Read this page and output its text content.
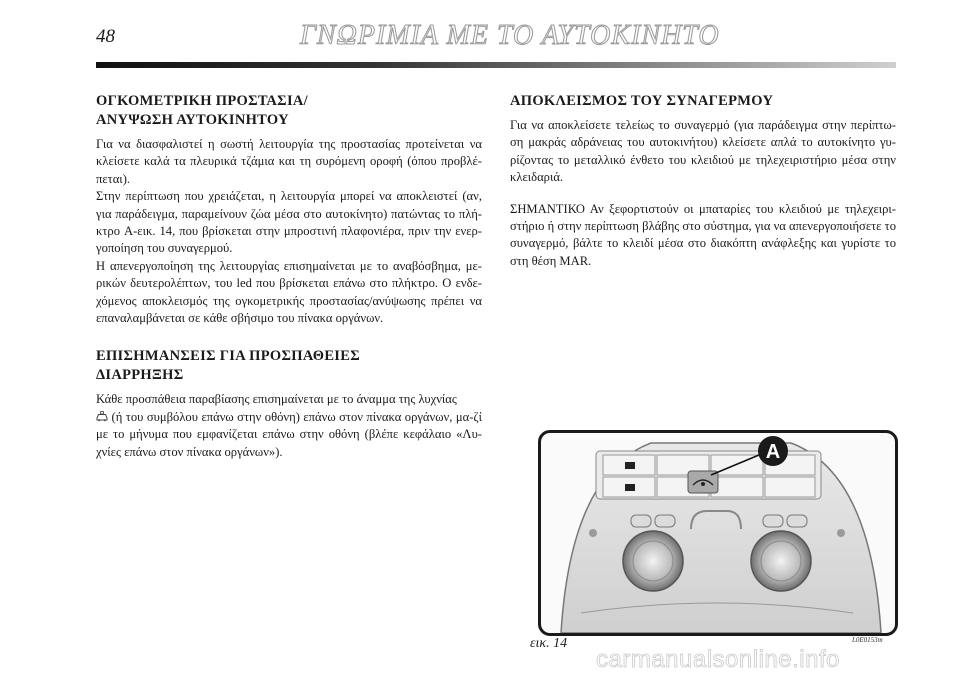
48	ΓΝΩΡΙΜΙΑ ΜΕ ΤΟ ΑΥΤΟΚΙΝΗΤΟ
ΟΓΚΟΜΕΤΡΙΚΗ ΠΡΟΣΤΑΣΙΑ/
ΑΝΥΨΩΣΗ ΑΥΤΟΚΙΝΗΤΟΥ

Για να διασφαλιστεί η σωστή λειτουργία της προστασίας προτείνεται να κλείσετε καλά τα πλευρικά τζάμια και τη συρόμενη οροφή (όπου προβλέ-πεται).

Στην περίπτωση που χρειάζεται, η λειτουργία μπορεί να αποκλειστεί (αν, για παράδειγμα, παραμείνουν ζώα μέσα στο αυτοκίνητο) πατώντας το πλή-κτρο A-εικ. 14, που βρίσκεται στην μπροστινή πλαφονιέρα, πριν την ενερ-γοποίηση του συναγερμού.

Η απενεργοποίηση της λειτουργίας επισημαίνεται με το αναβόσβημα, με-ρικών δευτερολέπτων, του led που βρίσκεται επάνω στο πλήκτρο. Ο ενδε-χόμενος αποκλεισμός της ογκομετρικής προστασίας/ανύψωσης πρέπει να επαναλαμβάνεται σε κάθε σβήσιμο του πίνακα οργάνων.

ΕΠΙΣΗΜΑΝΣΕΙΣ ΓΙΑ ΠΡΟΣΠΑΘΕΙΕΣ
ΔΙΑΡΡΗΞΗΣ

Κάθε προσπάθεια παραβίασης επισημαίνεται με το άναμμα της λυχνίας
(ή του συμβόλου επάνω στην οθόνη) επάνω στον πίνακα οργάνων, μα-ζί με το μήνυμα που εμφανίζεται επάνω στην οθόνη (βλέπε κεφάλαιο «Λυ-χνίες επάνω στον πίνακα οργάνων»).

ΑΠΟΚΛΕΙΣΜΟΣ ΤΟΥ ΣΥΝΑΓΕΡΜΟΥ

Για να αποκλείσετε τελείως το συναγερμό (για παράδειγμα στην περίπτω-ση μακράς αδράνειας του αυτοκινήτου) κλείσετε απλά το αυτοκίνητο γυ-ρίζοντας το μεταλλικό ένθετο του κλειδιού με τηλεχειριστήριο μέσα στην κλειδαριά.

ΣΗΜΑΝΤΙΚΟ Αν ξεφορτιστούν οι μπαταρίες του κλειδιού με τηλεχειρι-στήριο ή στην περίπτωση βλάβης στο σύστημα, για να απενεργοποιήσετε το συναγερμό, βάλτε το κλειδί μέσα στο διακόπτη ανάφλεξης και γυρίστε το στη θέση MAR.

A
εικ. 14	L0E0153m
carmanualsonline.info
